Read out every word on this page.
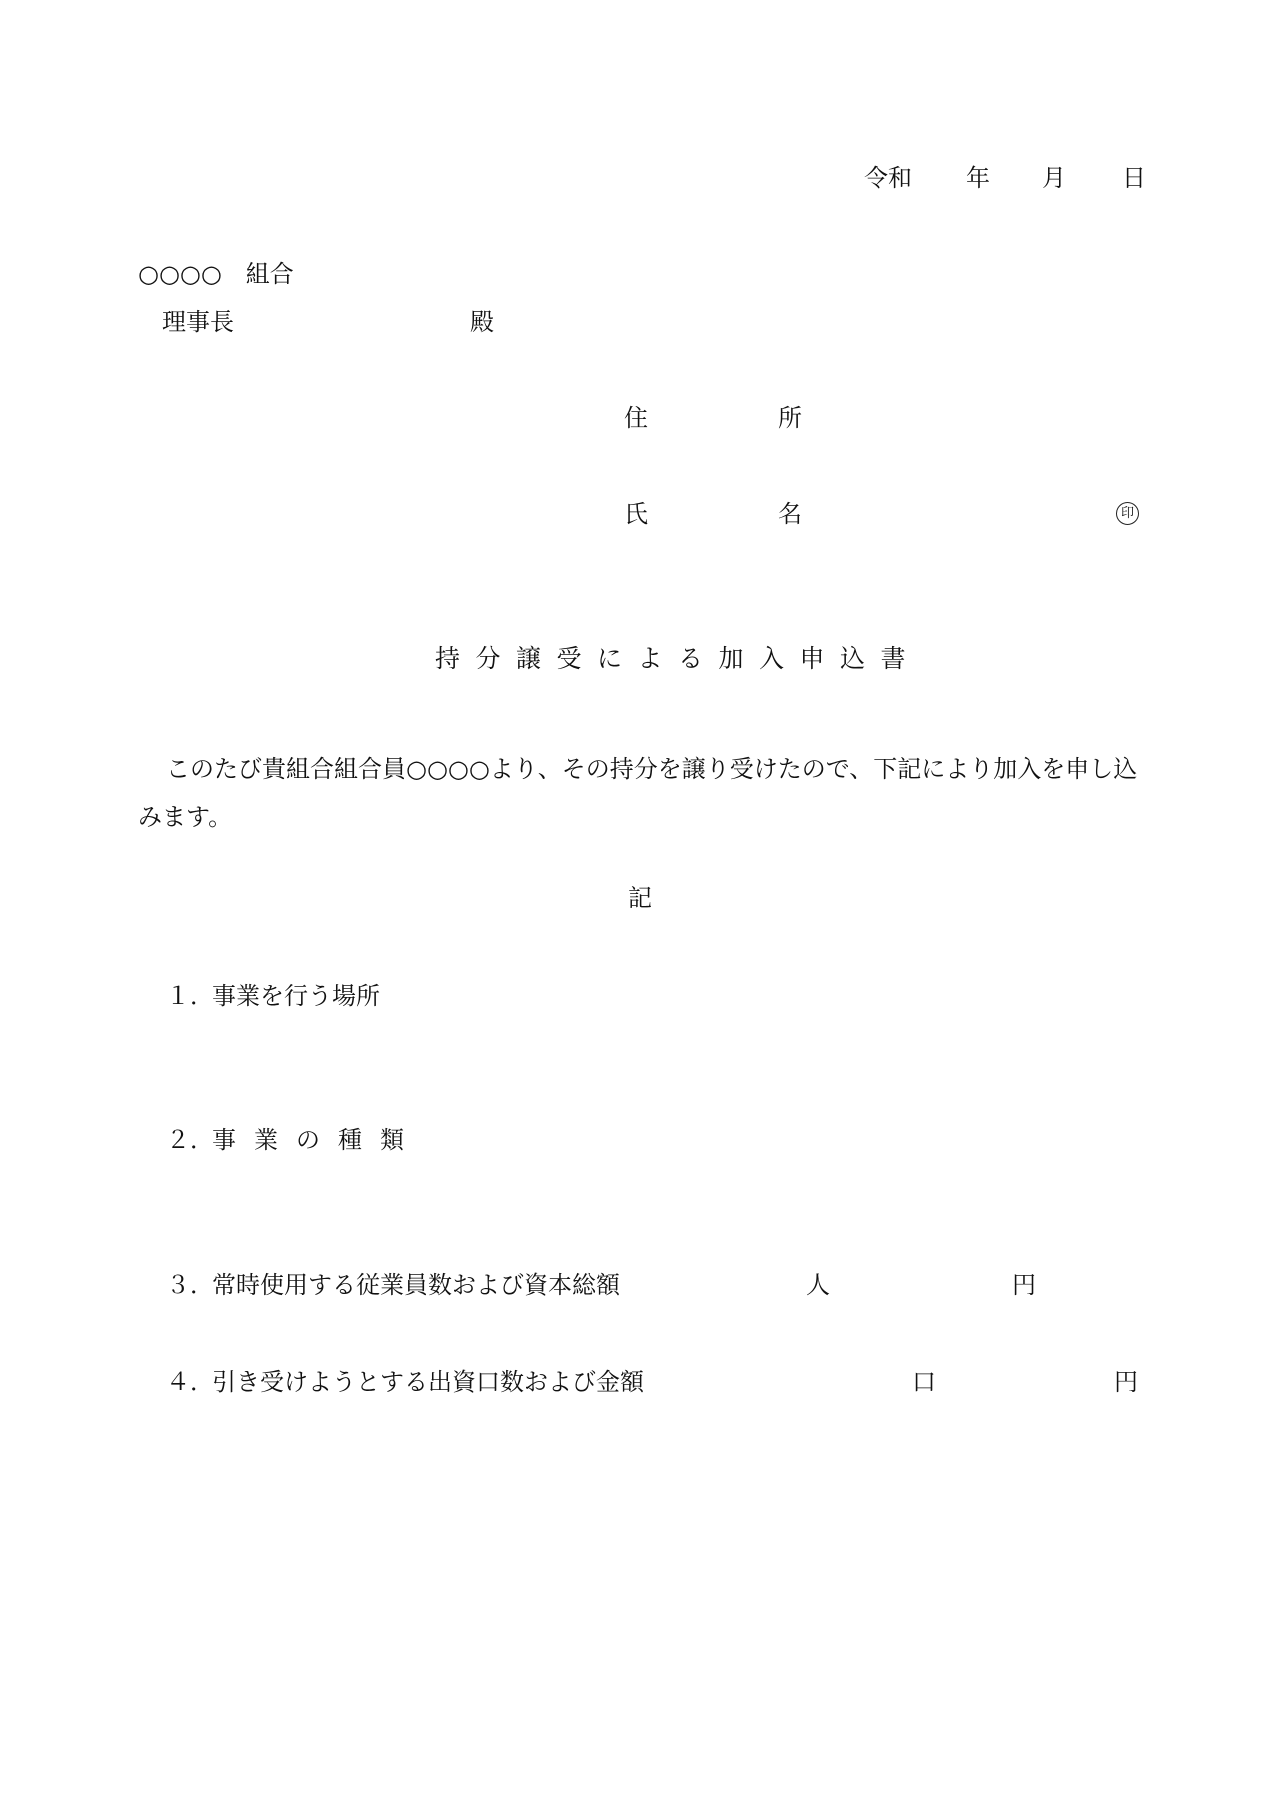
令和 年 月 日
○○○○　組合
理事長	殿
住	所
氏	名	印
持分譲受による加入申込書
このたび貴組合組合員○○○○より、その持分を譲り受けたので、下記により加入を申し込みます。
記
１．
事業を行う場所
２．
事業の種類
３．
常時使用する従業員数および資本総額	人	円
４．
引き受けようとする出資口数および金額	口	円
